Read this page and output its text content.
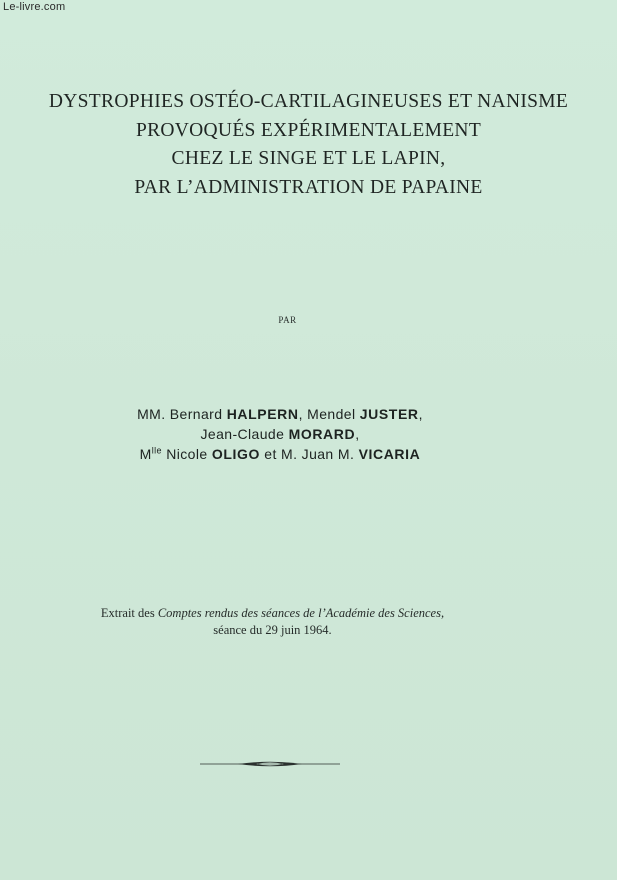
Le-livre.com
DYSTROPHIES OSTÉO-CARTILAGINEUSES ET NANISME
PROVOQUÉS EXPÉRIMENTALEMENT
CHEZ LE SINGE ET LE LAPIN,
PAR L’ADMINISTRATION DE PAPAINE
PAR
MM. Bernard HALPERN, Mendel JUSTER,
Jean-Claude MORARD,
$M^{lle}$ Nicole OLIGO et M. Juan M. VICARIA
Extrait des Comptes rendus des séances de l’Académie des Sciences,
séance du 29 juin 1964.
